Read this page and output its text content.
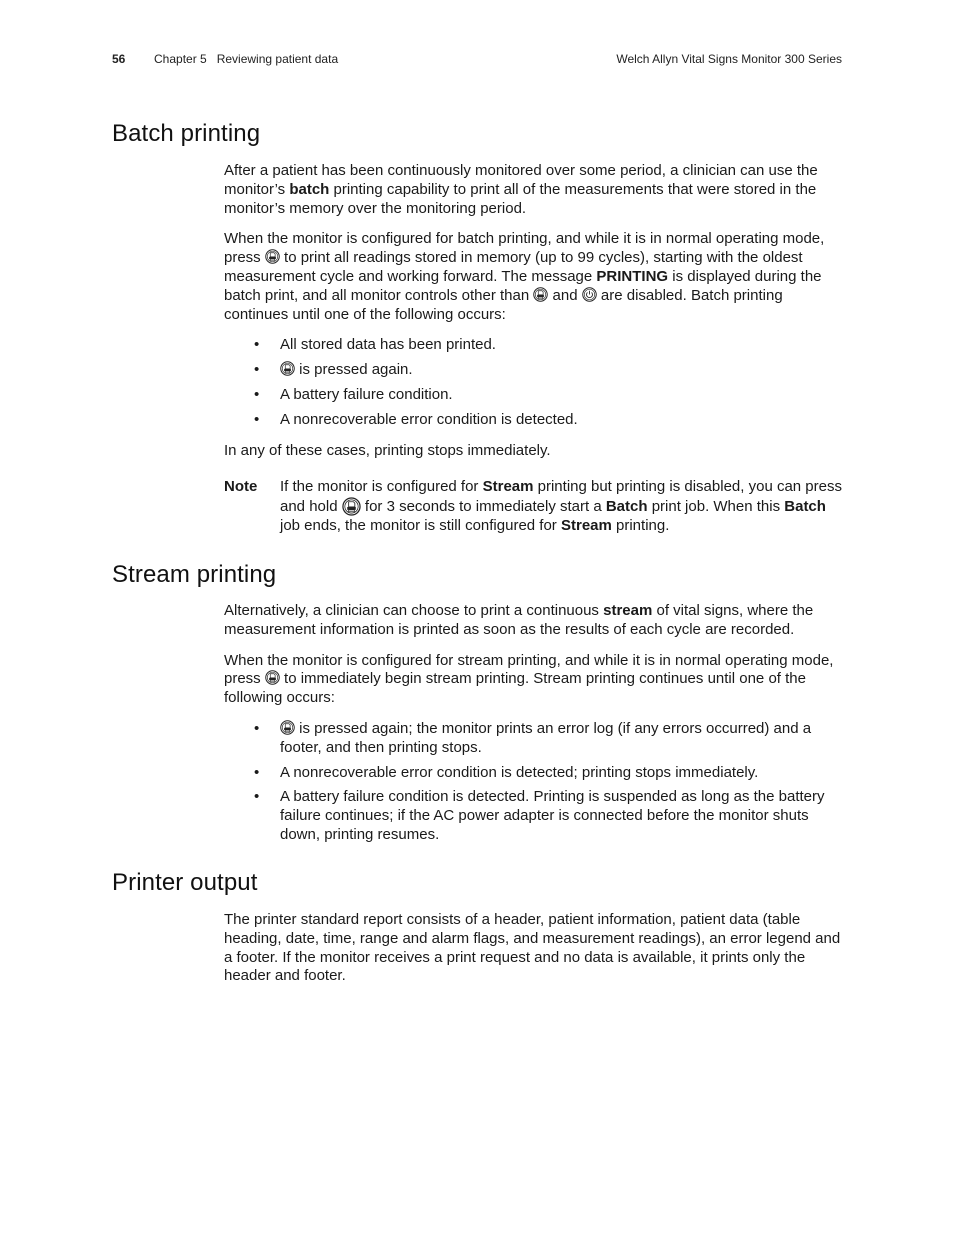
56 Chapter 5   Reviewing patient data	Welch Allyn Vital Signs Monitor 300 Series
Batch printing

After a patient has been continuously monitored over some period, a clinician can use the monitor’s batch printing capability to print all of the measurements that were stored in the monitor’s memory over the monitoring period.

When the monitor is configured for batch printing, and while it is in normal operating mode, press
to print all readings stored in memory (up to 99 cycles), starting with the oldest measurement cycle and working forward. The message PRINTING is displayed during the batch print, and all monitor controls other than
and
are disabled. Batch printing continues until one of the following occurs:

• All stored data has been printed.
• is pressed again.
• A battery failure condition.
• A nonrecoverable error condition is detected.

In any of these cases, printing stops immediately.

Note If the monitor is configured for Stream printing but printing is disabled, you can press and hold
for 3 seconds to immediately start a Batch print job. When this Batch job ends, the monitor is still configured for Stream printing.
Stream printing

Alternatively, a clinician can choose to print a continuous stream of vital signs, where the measurement information is printed as soon as the results of each cycle are recorded.

When the monitor is configured for stream printing, and while it is in normal operating mode, press
to immediately begin stream printing. Stream printing continues until one of the following occurs:

• is pressed again; the monitor prints an error log (if any errors occurred) and a footer, and then printing stops.
• A nonrecoverable error condition is detected; printing stops immediately.
• A battery failure condition is detected. Printing is suspended as long as the battery failure continues; if the AC power adapter is connected before the monitor shuts down, printing resumes.
Printer output

The printer standard report consists of a header, patient information, patient data (table heading, date, time, range and alarm flags, and measurement readings), an error legend and a footer. If the monitor receives a print request and no data is available, it prints only the header and footer.
